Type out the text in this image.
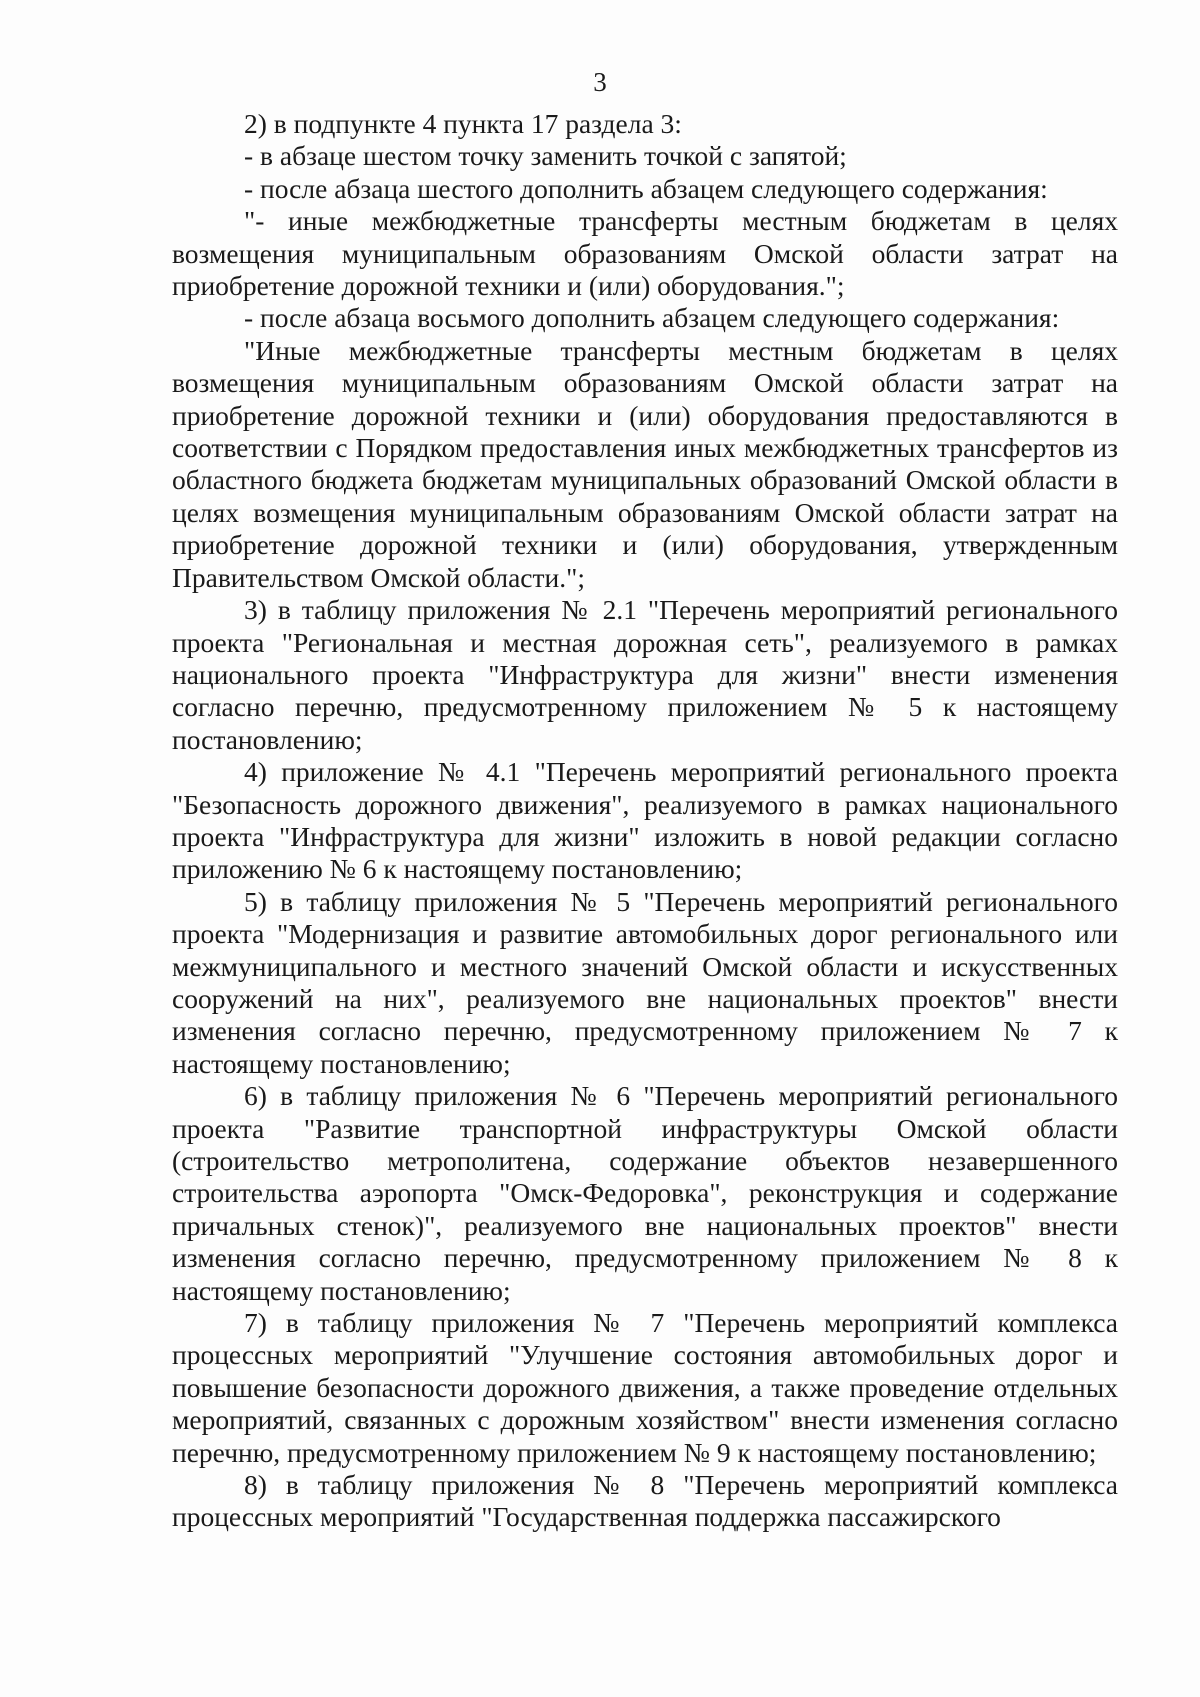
3

2) в подпункте 4 пункта 17 раздела 3:

- в абзаце шестом точку заменить точкой с запятой;

- после абзаца шестого дополнить абзацем следующего содержания:

"- иные межбюджетные трансферты местным бюджетам в целях возмещения муниципальным образованиям Омской области затрат на приобретение дорожной техники и (или) оборудования.";

- после абзаца восьмого дополнить абзацем следующего содержания:

"Иные межбюджетные трансферты местным бюджетам в целях возмещения муниципальным образованиям Омской области затрат на приобретение дорожной техники и (или) оборудования предоставляются в соответствии с Порядком предоставления иных межбюджетных трансфертов из областного бюджета бюджетам муниципальных образований Омской области в целях возмещения муниципальным образованиям Омской области затрат на приобретение дорожной техники и (или) оборудования, утвержденным Правительством Омской области.";

3) в таблицу приложения № 2.1 "Перечень мероприятий регионального проекта "Региональная и местная дорожная сеть", реализуемого в рамках национального проекта "Инфраструктура для жизни" внести изменения согласно перечню, предусмотренному приложением № 5 к настоящему постановлению;

4) приложение № 4.1 "Перечень мероприятий регионального проекта "Безопасность дорожного движения", реализуемого в рамках национального проекта "Инфраструктура для жизни" изложить в новой редакции согласно приложению № 6 к настоящему постановлению;

5) в таблицу приложения № 5 "Перечень мероприятий регионального проекта "Модернизация и развитие автомобильных дорог регионального или межмуниципального и местного значений Омской области и искусственных сооружений на них", реализуемого вне национальных проектов" внести изменения согласно перечню, предусмотренному приложением № 7 к настоящему постановлению;

6) в таблицу приложения № 6 "Перечень мероприятий регионального проекта "Развитие транспортной инфраструктуры Омской области (строительство метрополитена, содержание объектов незавершенного строительства аэропорта "Омск-Федоровка", реконструкция и содержание причальных стенок)", реализуемого вне национальных проектов" внести изменения согласно перечню, предусмотренному приложением № 8 к настоящему постановлению;

7) в таблицу приложения № 7 "Перечень мероприятий комплекса процессных мероприятий "Улучшение состояния автомобильных дорог и повышение безопасности дорожного движения, а также проведение отдельных мероприятий, связанных с дорожным хозяйством" внести изменения согласно перечню, предусмотренному приложением № 9 к настоящему постановлению;

8) в таблицу приложения № 8 "Перечень мероприятий комплекса процессных мероприятий "Государственная поддержка пассажирского
